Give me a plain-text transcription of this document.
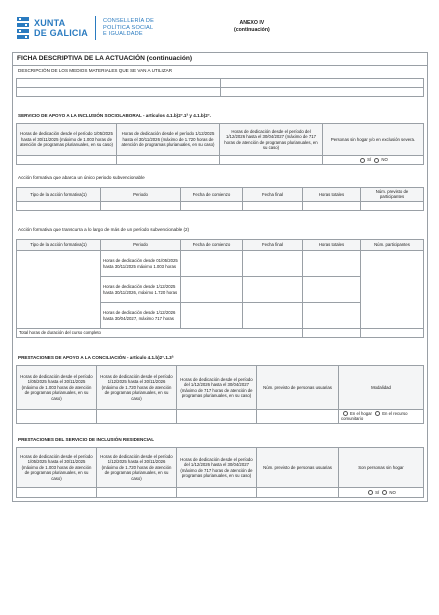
XUNTA
DE GALICIA
CONSELLERÍA DE
POLÍTICA SOCIAL
E IGUALDADE
ANEXO IV
(continuación)
FICHA DESCRIPTIVA DE LA ACTUACIÓN (continuación)
DESCRIPCIÓN DE LOS MEDIOS MATERIALES QUE SE VAN A UTILIZAR

SERVICIO DE APOYO A LA INCLUSIÓN SOCIOLABORAL - artículos 4.1.b)2°.1ª y 4.1.b)2°.
Horas de dedicación desde el período 1/05/2025 hasta el 30/11/2025 (máximo de 1.003 horas de atención de programas plurianuales, en su caso)	Horas de dedicación desde el período 1/12/2025 hasta el 30/11/2026 (máximo de 1.720 horas de atención de programas plurianuales, en su caso)	Horas de dedicación desde el período del 1/12/2026 hasta el 30/04/2027 (máximo de 717 horas de atención de programas plurianuales, en su caso)	Personas sin hogar y/o en exclusión severa.
			SÍ NO
Acción formativa que abarca un único periodo subvencionable
Tipo de la acción formativa(1)	Periodo	Fecha de comienzo	Fecha final	Horas totales	Núm. previsto de participantes

Acción formativa que transcurra a lo largo de más de un período subvencionable (2)
Tipo de la acción formativa(1)	Periodo	Fecha de comienzo	Fecha final	Horas totales	Núm. participantes
	Horas de dedicación desde 01/05/2025 hasta 30/11/2025 máximo 1.003 horas				
	Horas de dedicación desde 1/12/2025 hasta 30/11/2026, máximo 1.720 horas				
	Horas de dedicación desde 1/12/2026 hasta 30/04/2027, máximo 717 horas				
Total horas de duración del curso completo					
PRESTACIONES DE APOYO A LA CONCILIACIÓN - artículo 4.1.b)2°.1.3ª
Horas de dedicación desde el período 1/05/2025 hasta el 30/11/2025 (máximo de 1.003 horas de atención de programas plurianuales, en su caso)	Horas de dedicación desde el período 1/12/2025 hasta el 30/11/2026 (máximo de 1.720 horas de atención de programas plurianuales, en su caso)	Horas de dedicación desde el período del 1/12/2026 hasta el 30/04/2027 (máximo de 717 horas de atención de programas plurianuales, en su caso)	Núm. previsto de personas usuarias	Modalidad
				En el hogar En el recurso comunitario
PRESTACIONES DEL SERVICIO DE INCLUSIÓN RESIDENCIAL
Horas de dedicación desde el período 1/05/2025 hasta el 30/11/2025 (máximo de 1.003 horas de atención de programas plurianuales, en su caso)	Horas de dedicación desde el período 1/12/2025 hasta el 30/11/2026 (máximo de 1.720 horas de atención de programas plurianuales, en su caso)	Horas de dedicación desde el período del 1/12/2026 hasta el 30/04/2027 (máximo de 717 horas de atención de programas plurianuales, en su caso)	Núm. previsto de personas usuarias	Son personas sin hogar
				SÍ NO
